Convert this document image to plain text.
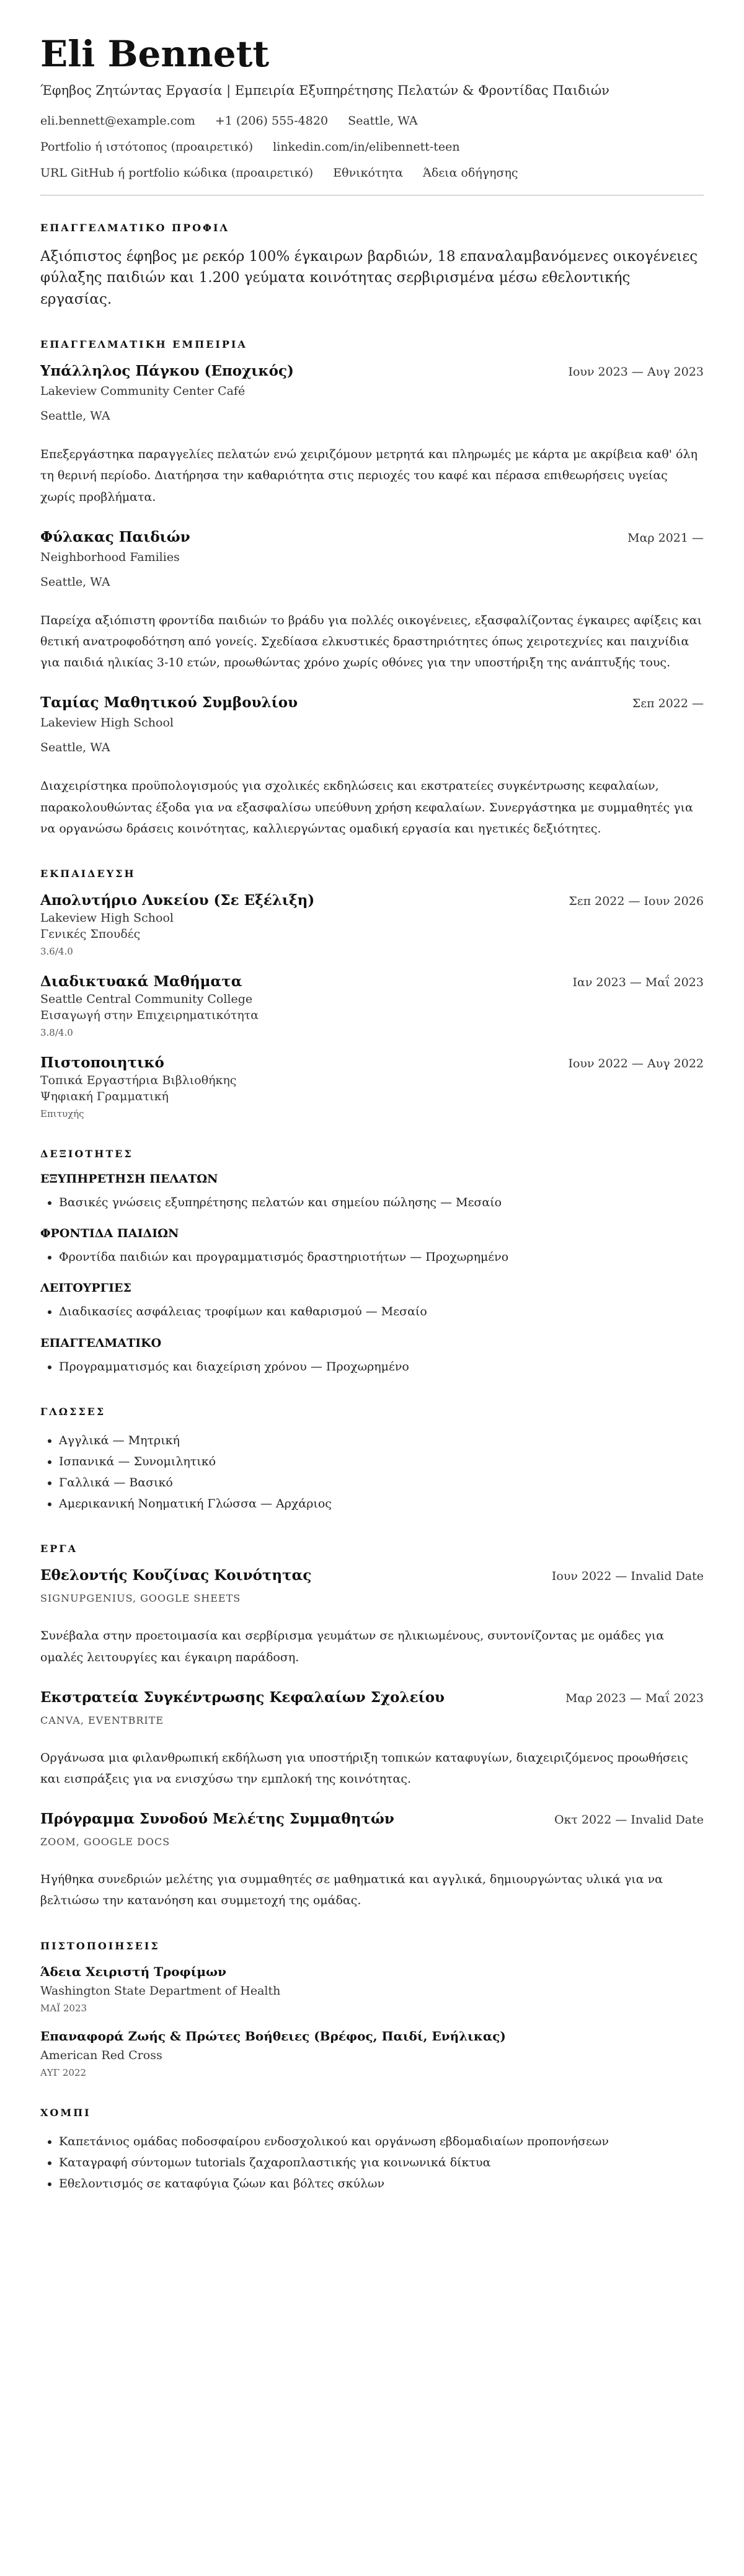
Eli Bennett
Έφηβος Ζητώντας Εργασία | Εμπειρία Εξυπηρέτησης Πελατών & Φροντίδας Παιδιών
eli.bennett@example.com +1 (206) 555-4820 Seattle, WA
Portfolio ή ιστότοπος (προαιρετικό) linkedin.com/in/elibennett-teen
URL GitHub ή portfolio κώδικα (προαιρετικό) Εθνικότητα Άδεια οδήγησης
ΕΠΑΓΓΕΛΜΑΤΙΚΟ ΠΡΟΦΙΛ
Αξιόπιστος έφηβος με ρεκόρ 100% έγκαιρων βαρδιών, 18 επαναλαμβανόμενες οικογένειες φύλαξης παιδιών και 1.200 γεύματα κοινότητας σερβιρισμένα μέσω εθελοντικής εργασίας.
ΕΠΑΓΓΕΛΜΑΤΙΚΗ ΕΜΠΕΙΡΙΑ
Υπάλληλος Πάγκου (Εποχικός)	Ιουν 2023 — Αυγ 2023
Lakeview Community Center Café
Seattle, WA
Επεξεργάστηκα παραγγελίες πελατών ενώ χειριζόμουν μετρητά και πληρωμές με κάρτα με ακρίβεια καθ' όλη τη θερινή περίοδο. Διατήρησα την καθαριότητα στις περιοχές του καφέ και πέρασα επιθεωρήσεις υγείας χωρίς προβλήματα.
Φύλακας Παιδιών	Μαρ 2021 —
Neighborhood Families
Seattle, WA
Παρείχα αξιόπιστη φροντίδα παιδιών το βράδυ για πολλές οικογένειες, εξασφαλίζοντας έγκαιρες αφίξεις και θετική ανατροφοδότηση από γονείς. Σχεδίασα ελκυστικές δραστηριότητες όπως χειροτεχνίες και παιχνίδια για παιδιά ηλικίας 3-10 ετών, προωθώντας χρόνο χωρίς οθόνες για την υποστήριξη της ανάπτυξής τους.
Ταμίας Μαθητικού Συμβουλίου	Σεπ 2022 —
Lakeview High School
Seattle, WA
Διαχειρίστηκα προϋπολογισμούς για σχολικές εκδηλώσεις και εκστρατείες συγκέντρωσης κεφαλαίων, παρακολουθώντας έξοδα για να εξασφαλίσω υπεύθυνη χρήση κεφαλαίων. Συνεργάστηκα με συμμαθητές για να οργανώσω δράσεις κοινότητας, καλλιεργώντας ομαδική εργασία και ηγετικές δεξιότητες.
ΕΚΠΑΙΔΕΥΣΗ
Απολυτήριο Λυκείου (Σε Εξέλιξη)	Σεπ 2022 — Ιουν 2026
Lakeview High School
Γενικές Σπουδές
3.6/4.0
Διαδικτυακά Μαθήματα	Ιαν 2023 — Μαΐ 2023
Seattle Central Community College
Εισαγωγή στην Επιχειρηματικότητα
3.8/4.0
Πιστοποιητικό	Ιουν 2022 — Αυγ 2022
Τοπικά Εργαστήρια Βιβλιοθήκης
Ψηφιακή Γραμματική
Επιτυχής
ΔΕΞΙΟΤΗΤΕΣ
ΕΞΥΠΗΡΕΤΗΣΗ ΠΕΛΑΤΩΝ
• Βασικές γνώσεις εξυπηρέτησης πελατών και σημείου πώλησης — Μεσαίο
ΦΡΟΝΤΙΔΑ ΠΑΙΔΙΩΝ
• Φροντίδα παιδιών και προγραμματισμός δραστηριοτήτων — Προχωρημένο
ΛΕΙΤΟΥΡΓΙΕΣ
• Διαδικασίες ασφάλειας τροφίμων και καθαρισμού — Μεσαίο
ΕΠΑΓΓΕΛΜΑΤΙΚΟ
• Προγραμματισμός και διαχείριση χρόνου — Προχωρημένο
ΓΛΩΣΣΕΣ
• Αγγλικά — Μητρική
• Ισπανικά — Συνομιλητικό
• Γαλλικά — Βασικό
• Αμερικανική Νοηματική Γλώσσα — Αρχάριος
ΕΡΓΑ
Εθελοντής Κουζίνας Κοινότητας	Ιουν 2022 — Invalid Date
SIGNUPGENIUS, GOOGLE SHEETS
Συνέβαλα στην προετοιμασία και σερβίρισμα γευμάτων σε ηλικιωμένους, συντονίζοντας με ομάδες για ομαλές λειτουργίες και έγκαιρη παράδοση.
Εκστρατεία Συγκέντρωσης Κεφαλαίων Σχολείου	Μαρ 2023 — Μαΐ 2023
CANVA, EVENTBRITE
Οργάνωσα μια φιλανθρωπική εκδήλωση για υποστήριξη τοπικών καταφυγίων, διαχειριζόμενος προωθήσεις και εισπράξεις για να ενισχύσω την εμπλοκή της κοινότητας.
Πρόγραμμα Συνοδού Μελέτης Συμμαθητών	Οκτ 2022 — Invalid Date
ZOOM, GOOGLE DOCS
Ηγήθηκα συνεδριών μελέτης για συμμαθητές σε μαθηματικά και αγγλικά, δημιουργώντας υλικά για να βελτιώσω την κατανόηση και συμμετοχή της ομάδας.
ΠΙΣΤΟΠΟΙΗΣΕΙΣ
Άδεια Χειριστή Τροφίμων
Washington State Department of Health
ΜΑΪ 2023
Επαναφορά Ζωής & Πρώτες Βοήθειες (Βρέφος, Παιδί, Ενήλικας)
American Red Cross
ΑΥΓ 2022
ΧΟΜΠΙ
• Καπετάνιος ομάδας ποδοσφαίρου ενδοσχολικού και οργάνωση εβδομαδιαίων προπονήσεων
• Καταγραφή σύντομων tutorials ζαχαροπλαστικής για κοινωνικά δίκτυα
• Εθελοντισμός σε καταφύγια ζώων και βόλτες σκύλων
